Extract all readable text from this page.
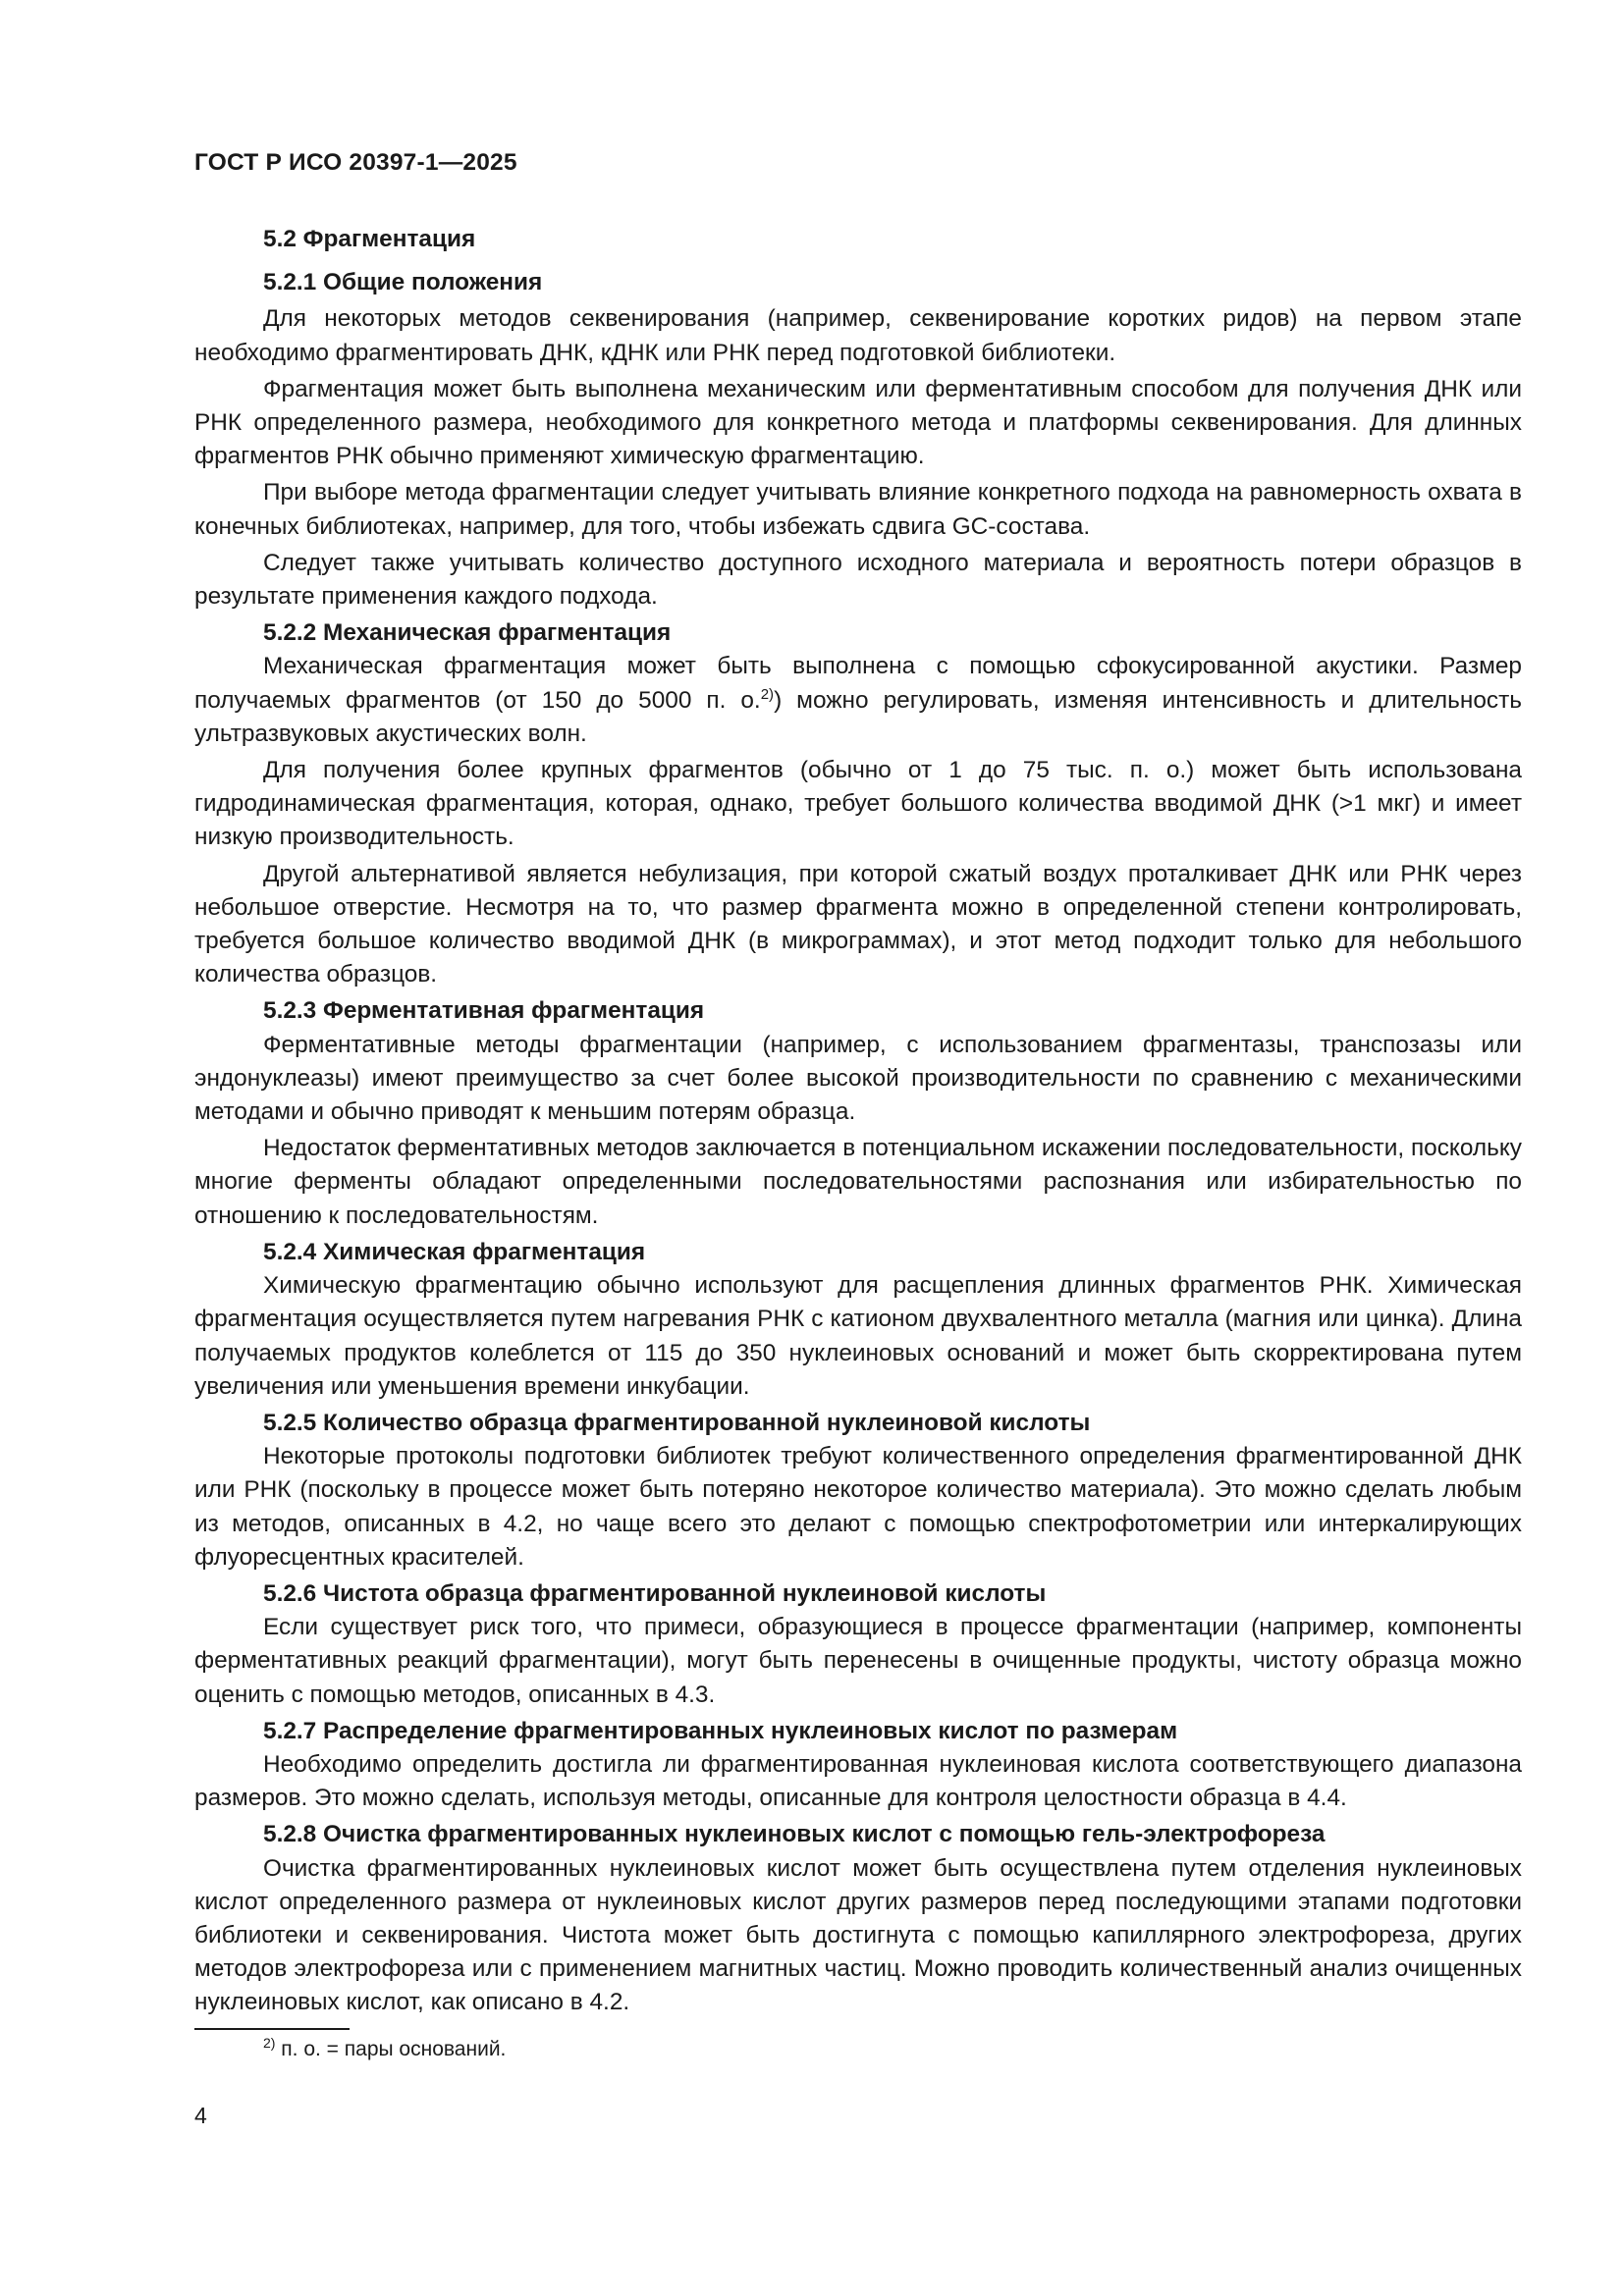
ГОСТ Р ИСО 20397-1—2025

5.2 Фрагментация

5.2.1 Общие положения

Для некоторых методов секвенирования (например, секвенирование коротких ридов) на первом этапе необходимо фрагментировать ДНК, кДНК или РНК перед подготовкой библиотеки.

Фрагментация может быть выполнена механическим или ферментативным способом для получения ДНК или РНК определенного размера, необходимого для конкретного метода и платформы секвенирования. Для длинных фрагментов РНК обычно применяют химическую фрагментацию.

При выборе метода фрагментации следует учитывать влияние конкретного подхода на равномерность охвата в конечных библиотеках, например, для того, чтобы избежать сдвига GC-состава.

Следует также учитывать количество доступного исходного материала и вероятность потери образцов в результате применения каждого подхода.

5.2.2 Механическая фрагментация

Механическая фрагментация может быть выполнена с помощью сфокусированной акустики. Размер получаемых фрагментов (от 150 до 5000 п. о.$^{2)}$) можно регулировать, изменяя интенсивность и длительность ультразвуковых акустических волн.

Для получения более крупных фрагментов (обычно от 1 до 75 тыс. п. о.) может быть использована гидродинамическая фрагментация, которая, однако, требует большого количества вводимой ДНК (>1 мкг) и имеет низкую производительность.

Другой альтернативой является небулизация, при которой сжатый воздух проталкивает ДНК или РНК через небольшое отверстие. Несмотря на то, что размер фрагмента можно в определенной степени контролировать, требуется большое количество вводимой ДНК (в микрограммах), и этот метод подходит только для небольшого количества образцов.

5.2.3 Ферментативная фрагментация

Ферментативные методы фрагментации (например, с использованием фрагментазы, транспозазы или эндонуклеазы) имеют преимущество за счет более высокой производительности по сравнению с механическими методами и обычно приводят к меньшим потерям образца.

Недостаток ферментативных методов заключается в потенциальном искажении последовательности, поскольку многие ферменты обладают определенными последовательностями распознания или избирательностью по отношению к последовательностям.

5.2.4 Химическая фрагментация

Химическую фрагментацию обычно используют для расщепления длинных фрагментов РНК. Химическая фрагментация осуществляется путем нагревания РНК с катионом двухвалентного металла (магния или цинка). Длина получаемых продуктов колеблется от 115 до 350 нуклеиновых оснований и может быть скорректирована путем увеличения или уменьшения времени инкубации.

5.2.5 Количество образца фрагментированной нуклеиновой кислоты

Некоторые протоколы подготовки библиотек требуют количественного определения фрагментированной ДНК или РНК (поскольку в процессе может быть потеряно некоторое количество материала). Это можно сделать любым из методов, описанных в 4.2, но чаще всего это делают с помощью спектрофотометрии или интеркалирующих флуоресцентных красителей.

5.2.6 Чистота образца фрагментированной нуклеиновой кислоты

Если существует риск того, что примеси, образующиеся в процессе фрагментации (например, компоненты ферментативных реакций фрагментации), могут быть перенесены в очищенные продукты, чистоту образца можно оценить с помощью методов, описанных в 4.3.

5.2.7 Распределение фрагментированных нуклеиновых кислот по размерам

Необходимо определить достигла ли фрагментированная нуклеиновая кислота соответствующего диапазона размеров. Это можно сделать, используя методы, описанные для контроля целостности образца в 4.4.

5.2.8 Очистка фрагментированных нуклеиновых кислот с помощью гель-электрофореза

Очистка фрагментированных нуклеиновых кислот может быть осуществлена путем отделения нуклеиновых кислот определенного размера от нуклеиновых кислот других размеров перед последующими этапами подготовки библиотеки и секвенирования. Чистота может быть достигнута с помощью капиллярного электрофореза, других методов электрофореза или с применением магнитных частиц. Можно проводить количественный анализ очищенных нуклеиновых кислот, как описано в 4.2.

$^{2)}$ п. о. = пары оснований.
4
